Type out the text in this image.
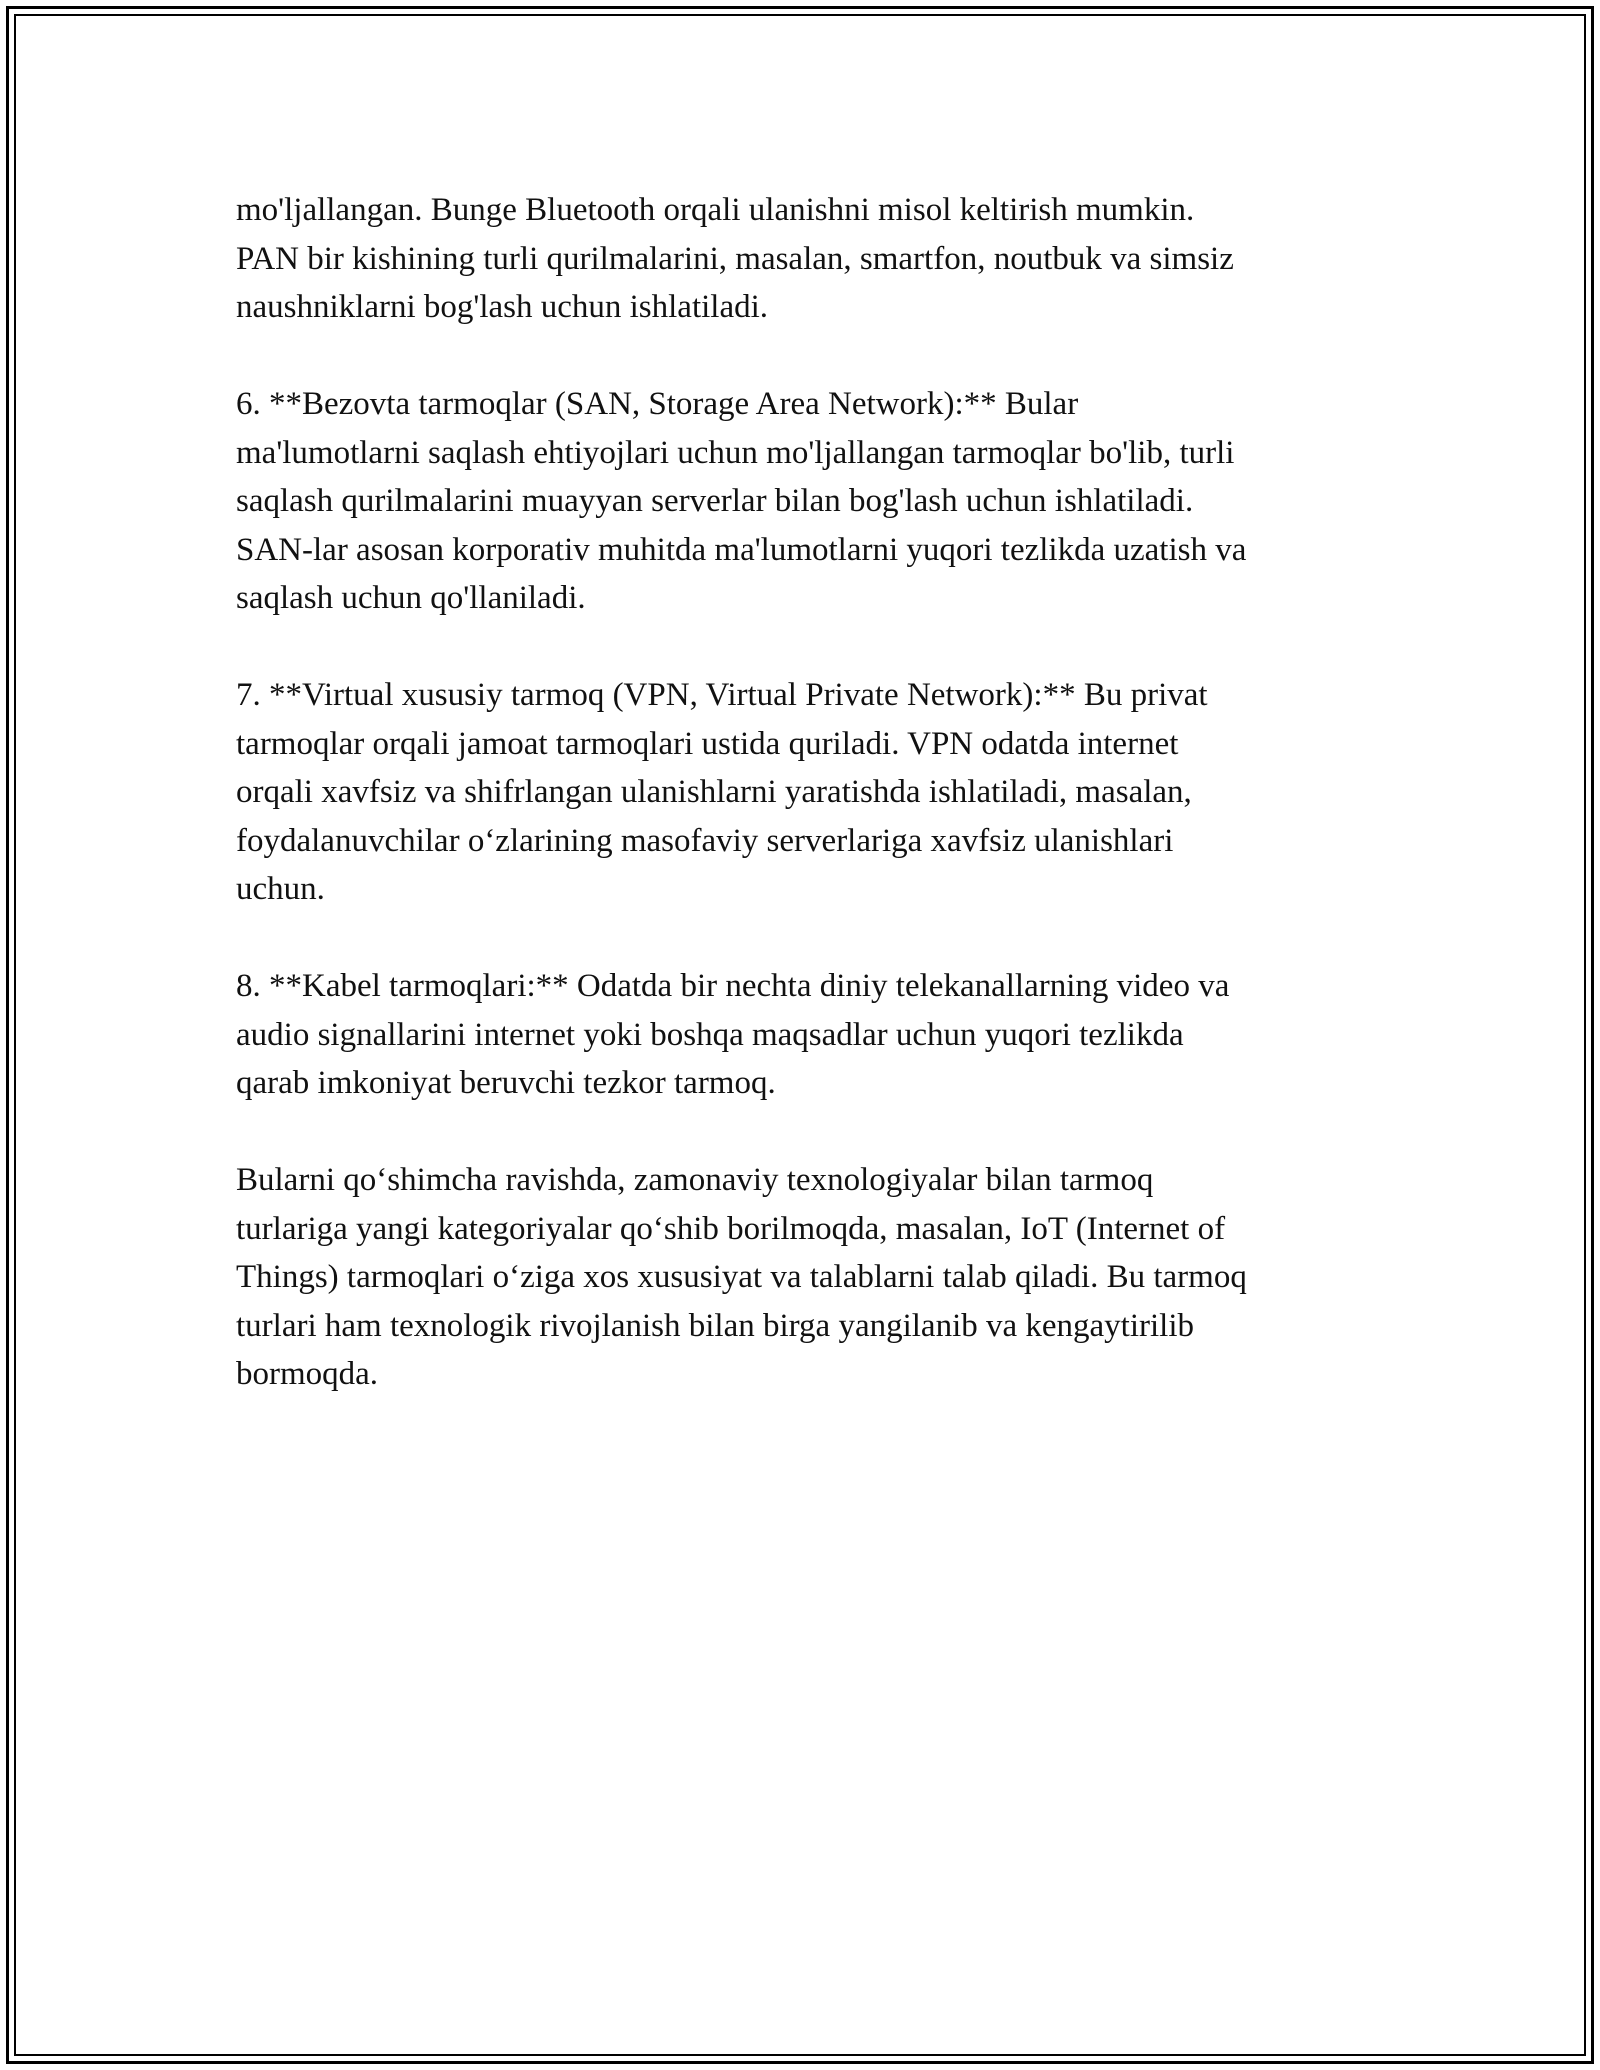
mo'ljallangan. Bunge Bluetooth orqali ulanishni misol keltirish mumkin.
PAN bir kishining turli qurilmalarini, masalan, smartfon, noutbuk va simsiz
naushniklarni bog'lash uchun ishlatiladi.

6. **Bezovta tarmoqlar (SAN, Storage Area Network):** Bular
ma'lumotlarni saqlash ehtiyojlari uchun mo'ljallangan tarmoqlar bo'lib, turli
saqlash qurilmalarini muayyan serverlar bilan bog'lash uchun ishlatiladi.
SAN-lar asosan korporativ muhitda ma'lumotlarni yuqori tezlikda uzatish va
saqlash uchun qo'llaniladi.

7. **Virtual xususiy tarmoq (VPN, Virtual Private Network):** Bu privat
tarmoqlar orqali jamoat tarmoqlari ustida quriladi. VPN odatda internet
orqali xavfsiz va shifrlangan ulanishlarni yaratishda ishlatiladi, masalan,
foydalanuvchilar o‘zlarining masofaviy serverlariga xavfsiz ulanishlari
uchun.

8. **Kabel tarmoqlari:** Odatda bir nechta diniy telekanallarning video va
audio signallarini internet yoki boshqa maqsadlar uchun yuqori tezlikda
qarab imkoniyat beruvchi tezkor tarmoq.

Bularni qo‘shimcha ravishda, zamonaviy texnologiyalar bilan tarmoq
turlariga yangi kategoriyalar qo‘shib borilmoqda, masalan, IoT (Internet of
Things) tarmoqlari o‘ziga xos xususiyat va talablarni talab qiladi. Bu tarmoq
turlari ham texnologik rivojlanish bilan birga yangilanib va kengaytirilib
bormoqda.
